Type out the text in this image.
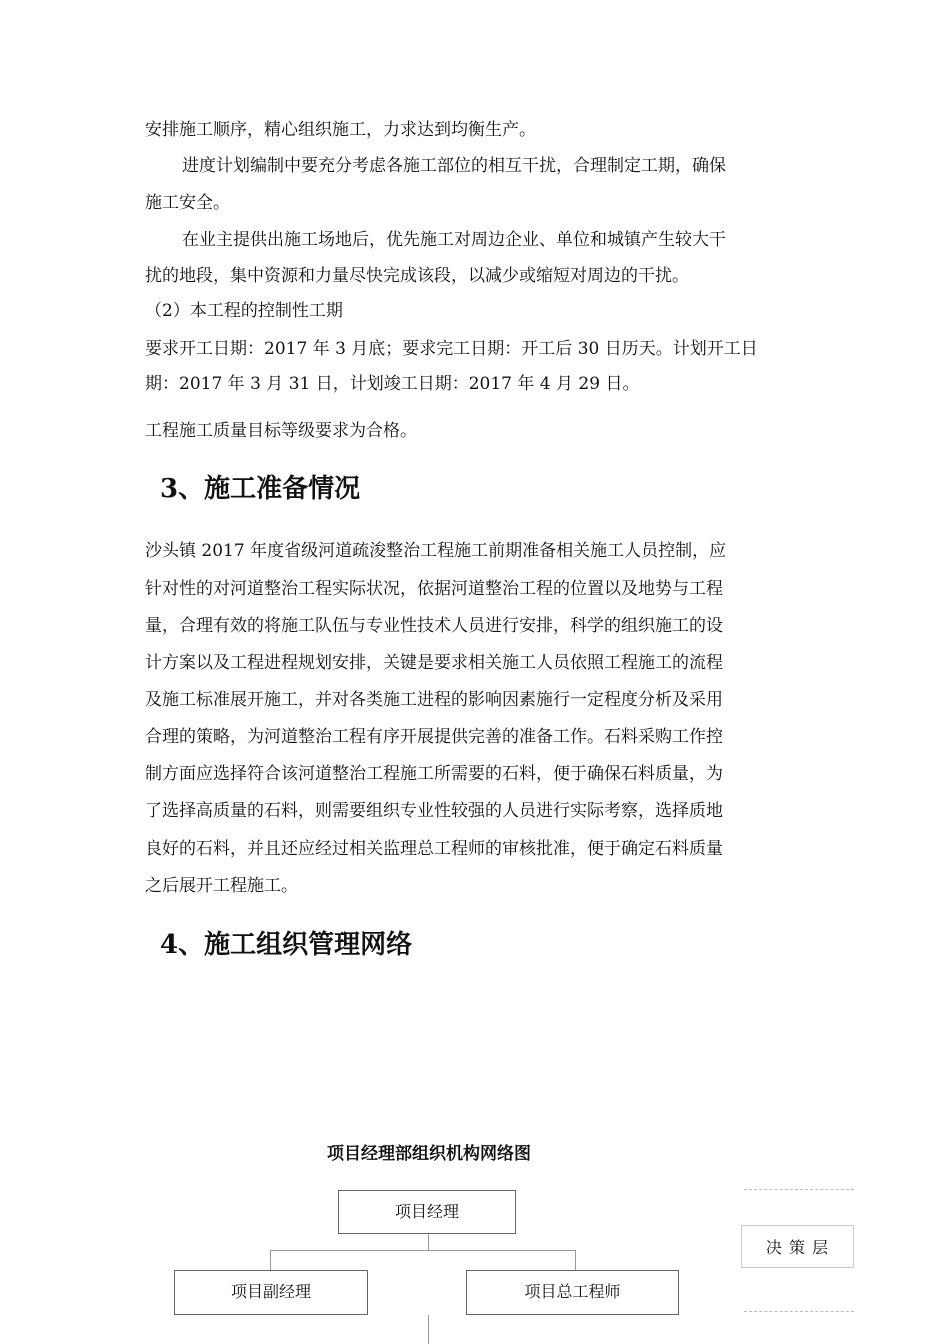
安排施工顺序，精心组织施工，力求达到均衡生产。
进度计划编制中要充分考虑各施工部位的相互干扰，合理制定工期，确保
施工安全。
在业主提供出施工场地后，优先施工对周边企业、单位和城镇产生较大干
扰的地段，集中资源和力量尽快完成该段，以减少或缩短对周边的干扰。
（2）本工程的控制性工期
要求开工日期：2017 年 3 月底；要求完工日期：开工后 30 日历天。计划开工日
期：2017 年 3 月 31 日，计划竣工日期：2017 年 4 月 29 日。
工程施工质量目标等级要求为合格。
3、施工准备情况
沙头镇 2017 年度省级河道疏浚整治工程施工前期准备相关施工人员控制，应
针对性的对河道整治工程实际状况，依据河道整治工程的位置以及地势与工程
量，合理有效的将施工队伍与专业性技术人员进行安排，科学的组织施工的设
计方案以及工程进程规划安排，关键是要求相关施工人员依照工程施工的流程
及施工标准展开施工，并对各类施工进程的影响因素施行一定程度分析及采用
合理的策略，为河道整治工程有序开展提供完善的准备工作。石料采购工作控
制方面应选择符合该河道整治工程施工所需要的石料，便于确保石料质量，为
了选择高质量的石料，则需要组织专业性较强的人员进行实际考察，选择质地
良好的石料，并且还应经过相关监理总工程师的审核批准，便于确定石料质量
之后展开工程施工。
4、施工组织管理网络
项目经理部组织机构网络图
项目经理
项目副经理	项目总工程师
决 策 层
